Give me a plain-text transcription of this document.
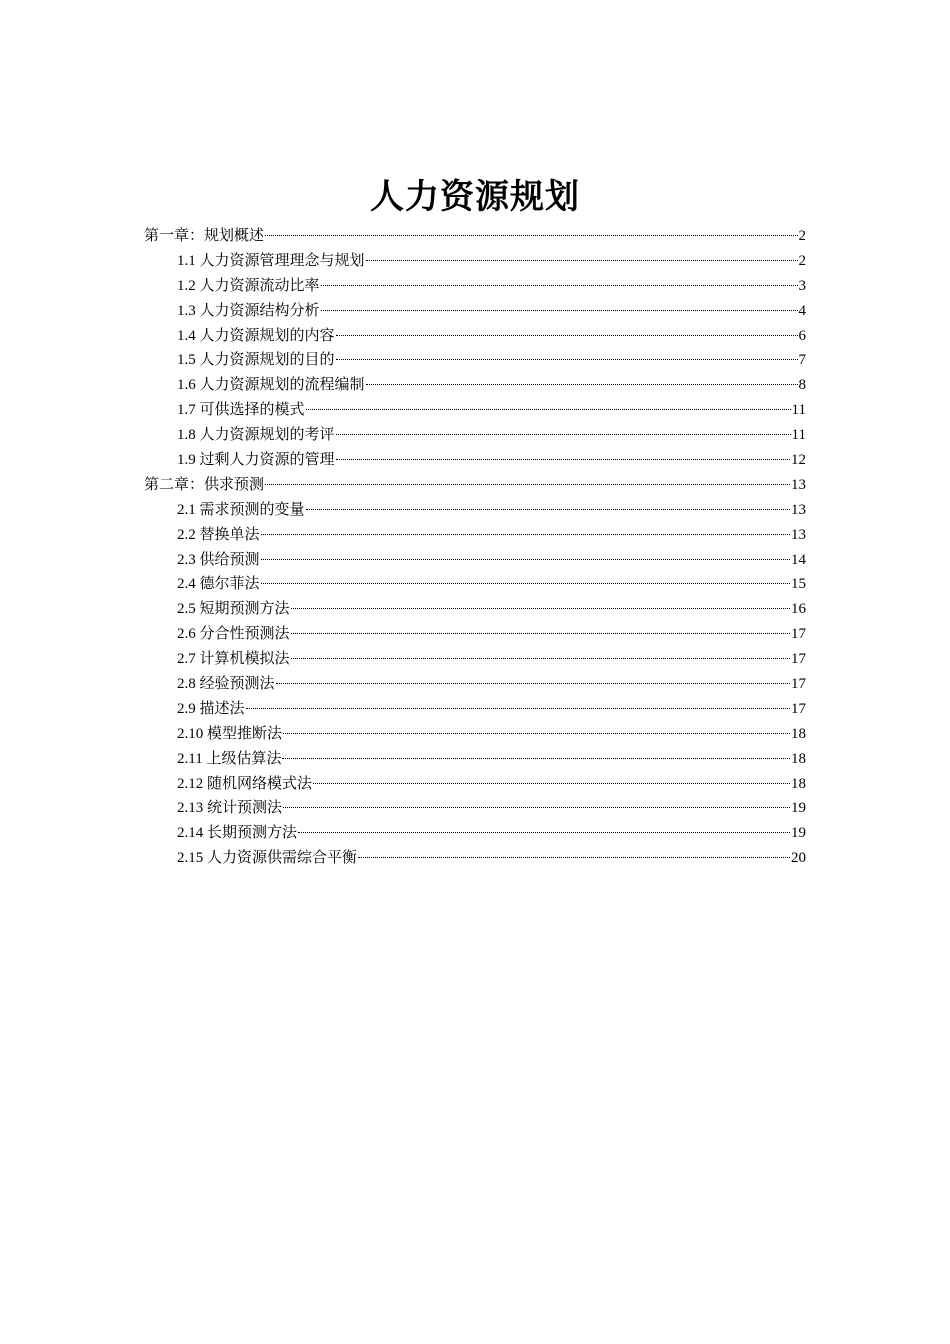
人力资源规划
第一章：规划概述	2
1.1 人力资源管理理念与规划	2
1.2 人力资源流动比率	3
1.3 人力资源结构分析	4
1.4 人力资源规划的内容	6
1.5 人力资源规划的目的	7
1.6 人力资源规划的流程编制	8
1.7 可供选择的模式	11
1.8 人力资源规划的考评	11
1.9 过剩人力资源的管理	12
第二章：供求预测	13
2.1 需求预测的变量	13
2.2 替换单法	13
2.3 供给预测	14
2.4 德尔菲法	15
2.5 短期预测方法	16
2.6 分合性预测法	17
2.7 计算机模拟法	17
2.8 经验预测法	17
2.9 描述法	17
2.10 模型推断法	18
2.11 上级估算法	18
2.12 随机网络模式法	18
2.13 统计预测法	19
2.14 长期预测方法	19
2.15 人力资源供需综合平衡	20
